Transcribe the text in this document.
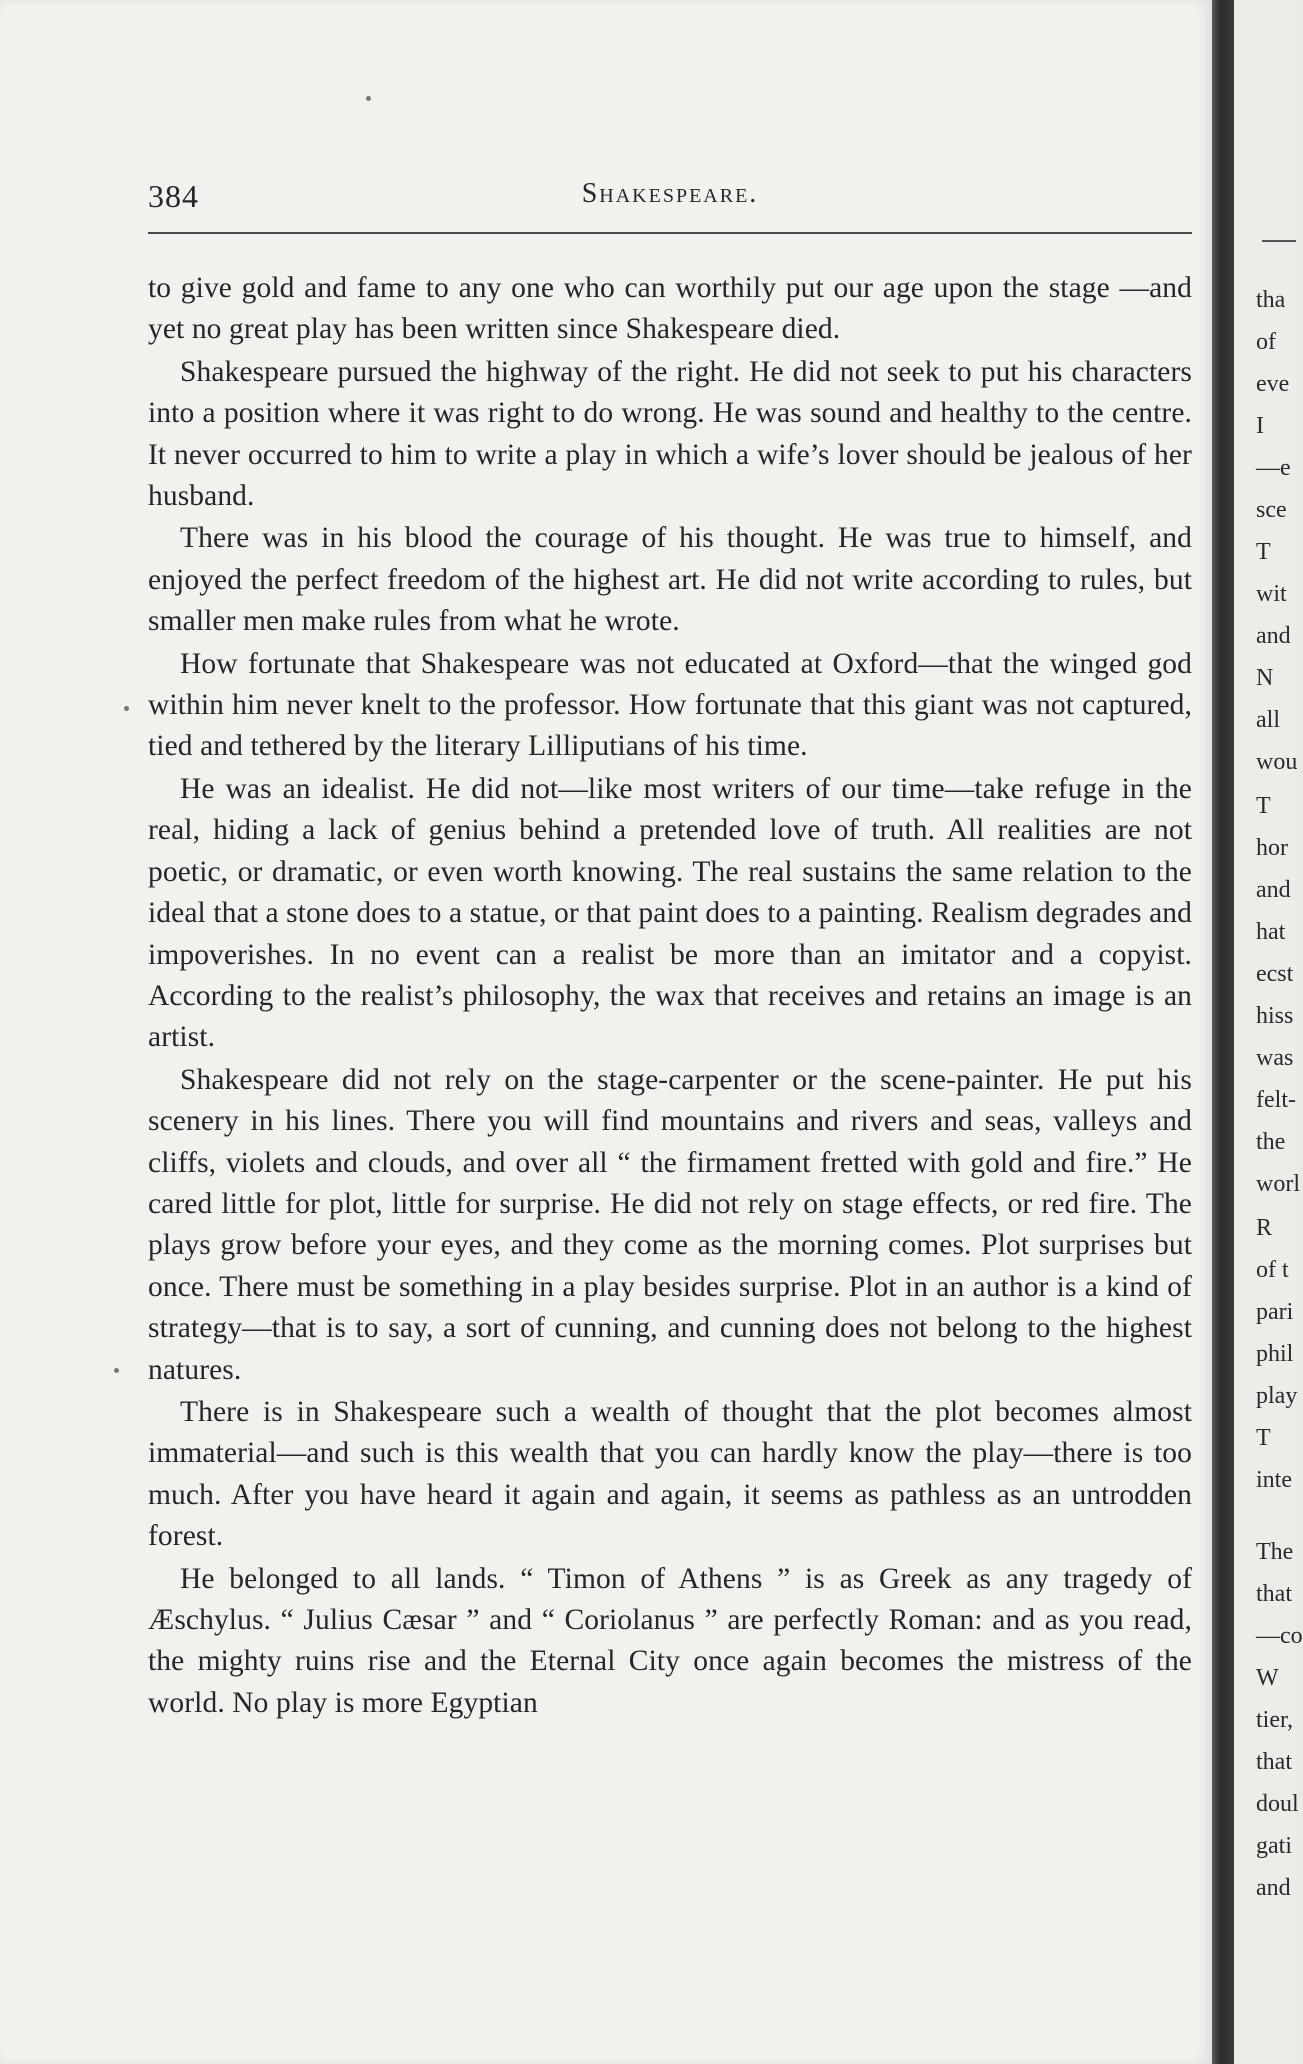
384	Shakespeare.

to give gold and fame to any one who can worthily put our age upon the stage —and yet no great play has been written since Shakespeare died.

Shakespeare pursued the highway of the right. He did not seek to put his characters into a position where it was right to do wrong. He was sound and healthy to the centre. It never occurred to him to write a play in which a wife’s lover should be jealous of her husband.

There was in his blood the courage of his thought. He was true to himself, and enjoyed the perfect freedom of the highest art. He did not write according to rules, but smaller men make rules from what he wrote.

How fortunate that Shakespeare was not educated at Oxford—that the winged god within him never knelt to the professor. How fortunate that this giant was not captured, tied and tethered by the literary Lilliputians of his time.

He was an idealist. He did not—like most writers of our time—take refuge in the real, hiding a lack of genius behind a pretended love of truth. All realities are not poetic, or dramatic, or even worth knowing. The real sustains the same relation to the ideal that a stone does to a statue, or that paint does to a painting. Realism degrades and impoverishes. In no event can a realist be more than an imitator and a copyist. According to the realist’s philosophy, the wax that receives and retains an image is an artist.

Shakespeare did not rely on the stage-carpenter or the scene-painter. He put his scenery in his lines. There you will find mountains and rivers and seas, valleys and cliffs, violets and clouds, and over all “ the firmament fretted with gold and fire.” He cared little for plot, little for surprise. He did not rely on stage effects, or red fire. The plays grow before your eyes, and they come as the morning comes. Plot surprises but once. There must be something in a play besides surprise. Plot in an author is a kind of strategy—that is to say, a sort of cunning, and cunning does not belong to the highest natures.

There is in Shakespeare such a wealth of thought that the plot becomes almost immaterial—and such is this wealth that you can hardly know the play—there is too much. After you have heard it again and again, it seems as pathless as an untrodden forest.

He belonged to all lands. “ Timon of Athens ” is as Greek as any tragedy of Æschylus. “ Julius Cæsar ” and “ Coriolanus ” are perfectly Roman: and as you read, the mighty ruins rise and the Eternal City once again becomes the mistress of the world. No play is more Egyptian

tha
of
eve
I
—e
sce
T
wit
and
N
all
wou
T
hor
and
hat
ecst
hiss
was
felt-
the
worl
R
of t
pari
phil
play
T
inte
The
that
—co
W
tier,
that
doul
gati
and
